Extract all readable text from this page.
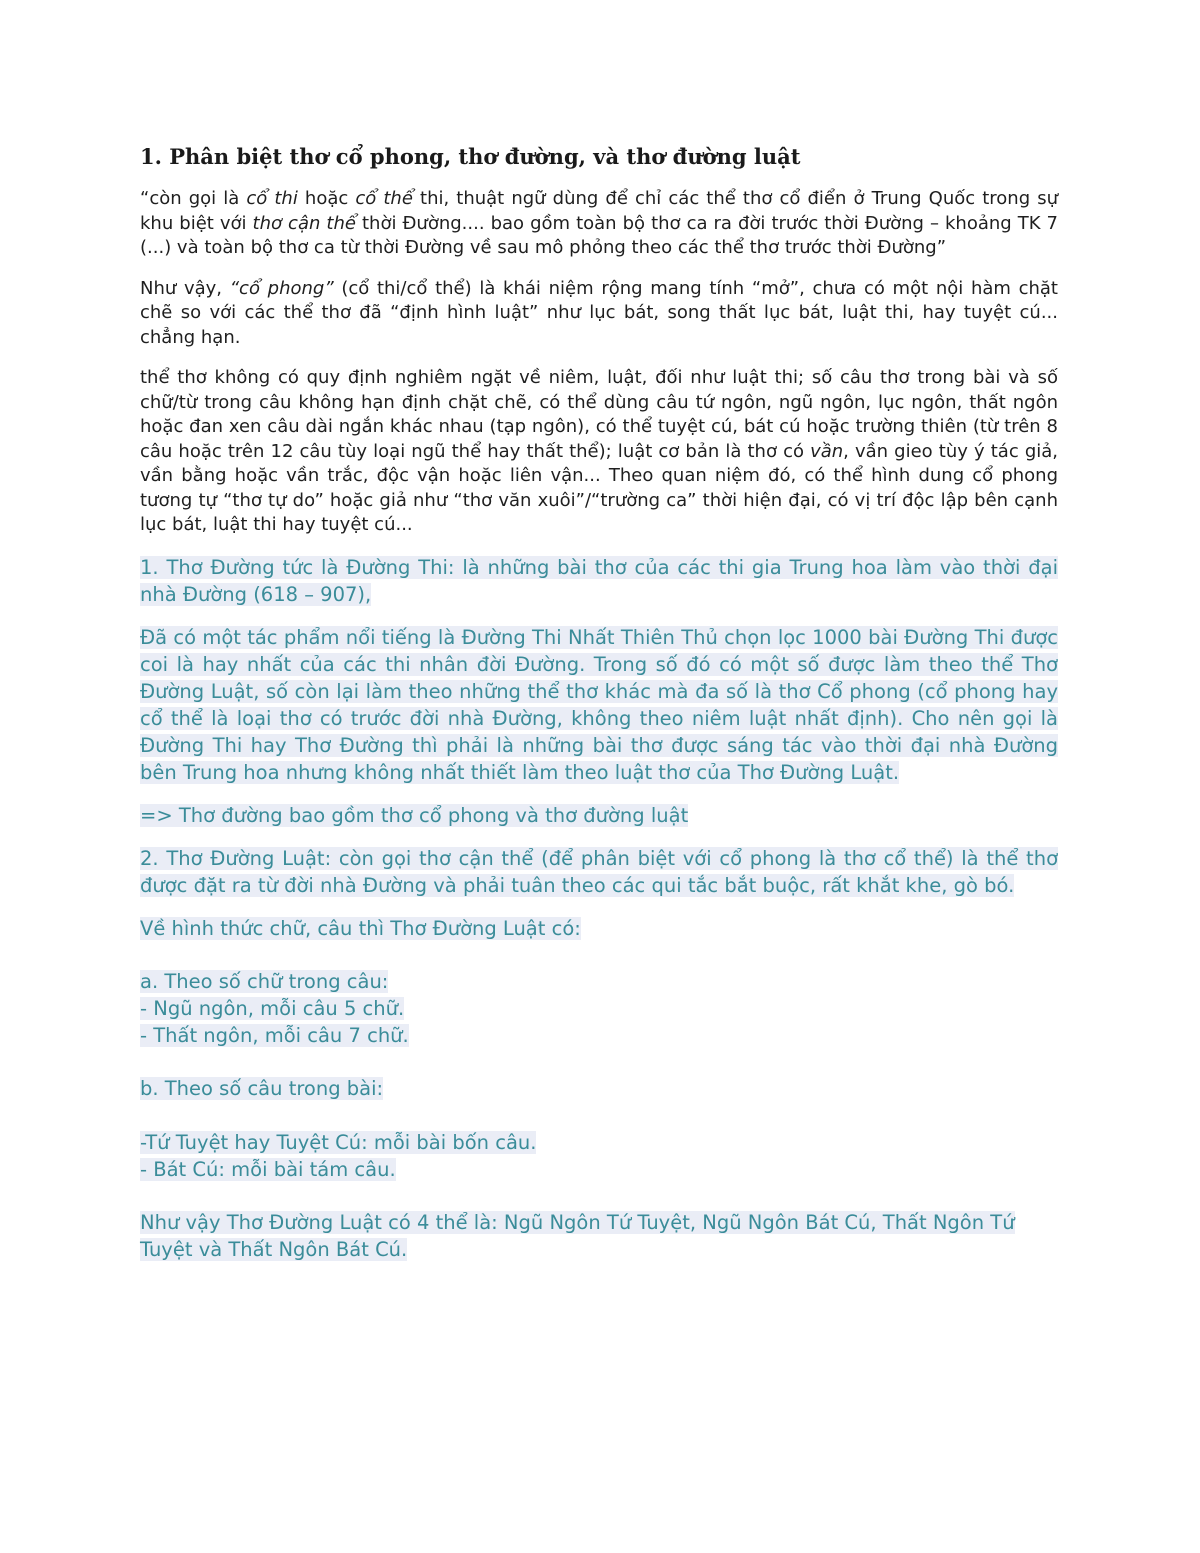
1. Phân biệt thơ cổ phong, thơ đường, và thơ đường luật

“còn gọi là cổ thi hoặc cổ thể thi, thuật ngữ dùng để chỉ các thể thơ cổ điển ở Trung Quốc trong sự khu biệt với thơ cận thể thời Đường.... bao gồm toàn bộ thơ ca ra đời trước thời Đường – khoảng TK 7 (...) và toàn bộ thơ ca từ thời Đường về sau mô phỏng theo các thể thơ trước thời Đường”

Như vậy, “cổ phong” (cổ thi/cổ thể) là khái niệm rộng mang tính “mở”, chưa có một nội hàm chặt chẽ so với các thể thơ đã “định hình luật” như lục bát, song thất lục bát, luật thi, hay tuyệt cú... chẳng hạn.

thể thơ không có quy định nghiêm ngặt về niêm, luật, đối như luật thi; số câu thơ trong bài và số chữ/từ trong câu không hạn định chặt chẽ, có thể dùng câu tứ ngôn, ngũ ngôn, lục ngôn, thất ngôn hoặc đan xen câu dài ngắn khác nhau (tạp ngôn), có thể tuyệt cú, bát cú hoặc trường thiên (từ trên 8 câu hoặc trên 12 câu tùy loại ngũ thể hay thất thể); luật cơ bản là thơ có vần, vần gieo tùy ý tác giả, vần bằng hoặc vần trắc, độc vận hoặc liên vận... Theo quan niệm đó, có thể hình dung cổ phong tương tự “thơ tự do” hoặc giả như “thơ văn xuôi”/“trường ca” thời hiện đại, có vị trí độc lập bên cạnh lục bát, luật thi hay tuyệt cú...

1. Thơ Đường tức là Đường Thi: là những bài thơ của các thi gia Trung hoa làm vào thời đại nhà Đường (618 – 907),

Đã có một tác phẩm nổi tiếng là Đường Thi Nhất Thiên Thủ chọn lọc 1000 bài Đường Thi được coi là hay nhất của các thi nhân đời Đường. Trong số đó có một số được làm theo thể Thơ Đường Luật, số còn lại làm theo những thể thơ khác mà đa số là thơ Cổ phong (cổ phong hay cổ thể là loại thơ có trước đời nhà Đường, không theo niêm luật nhất định). Cho nên gọi là Đường Thi hay Thơ Đường thì phải là những bài thơ được sáng tác vào thời đại nhà Đường bên Trung hoa nhưng không nhất thiết làm theo luật thơ của Thơ Đường Luật.

=> Thơ đường bao gồm thơ cổ phong và thơ đường luật

2. Thơ Đường Luật: còn gọi thơ cận thể (để phân biệt với cổ phong là thơ cổ thể) là thể thơ được đặt ra từ đời nhà Đường và phải tuân theo các qui tắc bắt buộc, rất khắt khe, gò bó.

Về hình thức chữ, câu thì Thơ Đường Luật có:

a. Theo số chữ trong câu:
- Ngũ ngôn, mỗi câu 5 chữ.
- Thất ngôn, mỗi câu 7 chữ.
b. Theo số câu trong bài:
-Tứ Tuyệt hay Tuyệt Cú: mỗi bài bốn câu.
- Bát Cú: mỗi bài tám câu.

Như vậy Thơ Đường Luật có 4 thể là: Ngũ Ngôn Tứ Tuyệt, Ngũ Ngôn Bát Cú, Thất Ngôn Tứ Tuyệt và Thất Ngôn Bát Cú.
